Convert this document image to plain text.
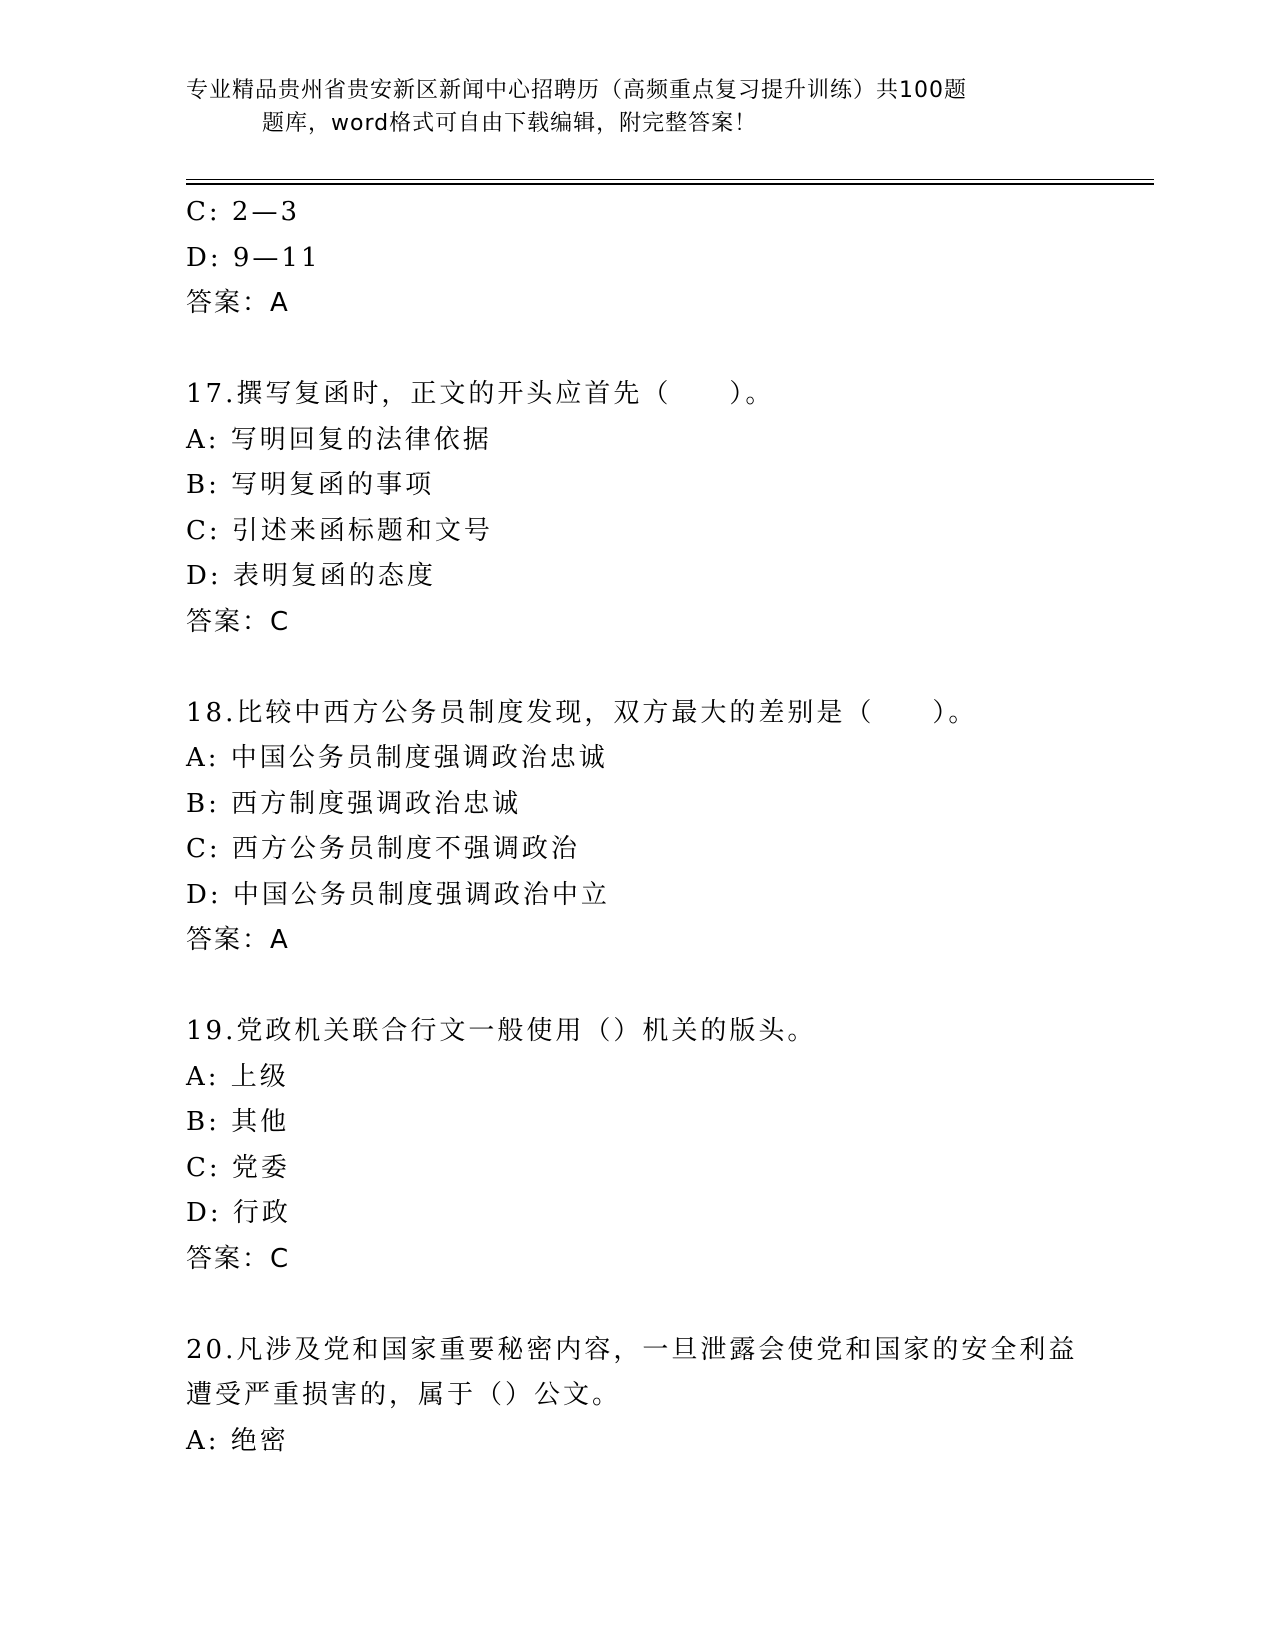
专业精品贵州省贵安新区新闻中心招聘历（高频重点复习提升训练）共100题
题库，word格式可自由下载编辑，附完整答案！
C: 2—3
D: 9—11
答案：A
17.撰写复函时，正文的开头应首先（　　）。
A: 写明回复的法律依据
B: 写明复函的事项
C: 引述来函标题和文号
D: 表明复函的态度
答案：C
18.比较中西方公务员制度发现，双方最大的差别是（　　）。
A: 中国公务员制度强调政治忠诚
B: 西方制度强调政治忠诚
C: 西方公务员制度不强调政治
D: 中国公务员制度强调政治中立
答案：A
19.党政机关联合行文一般使用（）机关的版头。
A: 上级
B: 其他
C: 党委
D: 行政
答案：C
20.凡涉及党和国家重要秘密内容，一旦泄露会使党和国家的安全利益
遭受严重损害的，属于（）公文。
A: 绝密
